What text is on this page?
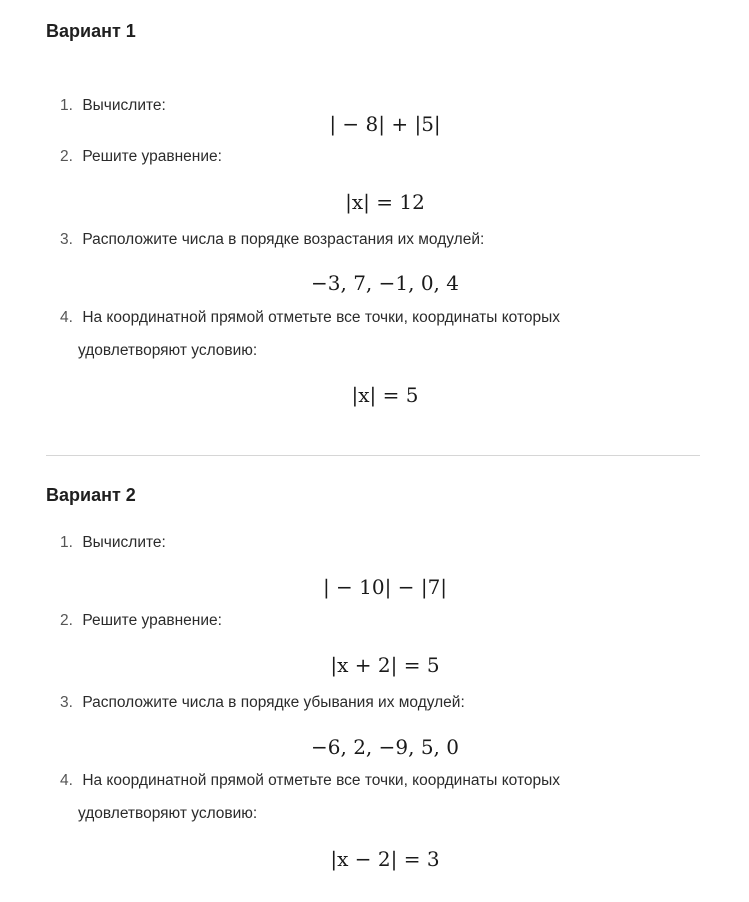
Вариант 1
1. Вычислите:
| − 8| + |5|
2. Решите уравнение:
|x| = 12
3. Расположите числа в порядке возрастания их модулей:
−3, 7, −1, 0, 4
4. На координатной прямой отметьте все точки, координаты которых
удовлетворяют условию:
|x| = 5
Вариант 2
1. Вычислите:
| − 10| − |7|
2. Решите уравнение:
|x + 2| = 5
3. Расположите числа в порядке убывания их модулей:
−6, 2, −9, 5, 0
4. На координатной прямой отметьте все точки, координаты которых
удовлетворяют условию:
|x − 2| = 3
